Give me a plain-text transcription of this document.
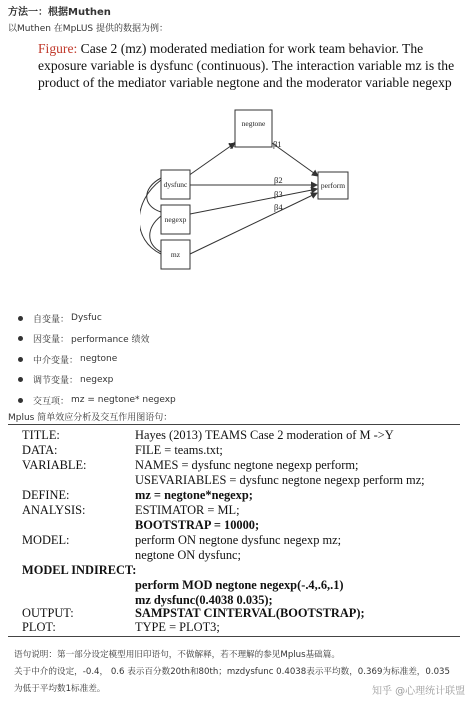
方法一：根据Muthen
以Muthen 在MpLUS 提供的数据为例：
Figure: Case 2 (mz) moderated mediation for work team behavior. The
exposure variable is dysfunc (continuous). The interaction variable mz is the
product of the mediator variable negtone and the moderator variable negexp
negtone
dysfunc
negexp
mz
perform
γ1	β1
β2
β3
β4
自变量： Dysfuc
因变量： performance 绩效
中介变量： negtone
调节变量： negexp
交互项： mz = negtone* negexp
Mplus 简单效应分析及交互作用图语句：
TITLE:	Hayes (2013) TEAMS Case 2 moderation of M ->Y
DATA:	FILE = teams.txt;
VARIABLE:	NAMES = dysfunc negtone negexp perform;
USEVARIABLES = dysfunc negtone negexp perform mz;
DEFINE:	mz = negtone*negexp;
ANALYSIS:	ESTIMATOR = ML;
BOOTSTRAP = 10000;
MODEL:	perform ON negtone dysfunc negexp mz;
negtone ON dysfunc;
MODEL INDIRECT:
perform MOD negtone negexp(-.4,.6,.1)
mz dysfunc(0.4038 0.035);
OUTPUT:	SAMPSTAT CINTERVAL(BOOTSTRAP);
PLOT:	TYPE = PLOT3;
语句说明：第一部分设定模型用旧印语句，不做解释，若不理解的参见Mplus基础篇。
关于中介的设定，-0.4， 0.6 表示百分数20th和80th；mzdysfunc 0.4038表示平均数，0.369为标准差，0.035
为低于平均数1标准差。	知乎 @心理统计联盟
